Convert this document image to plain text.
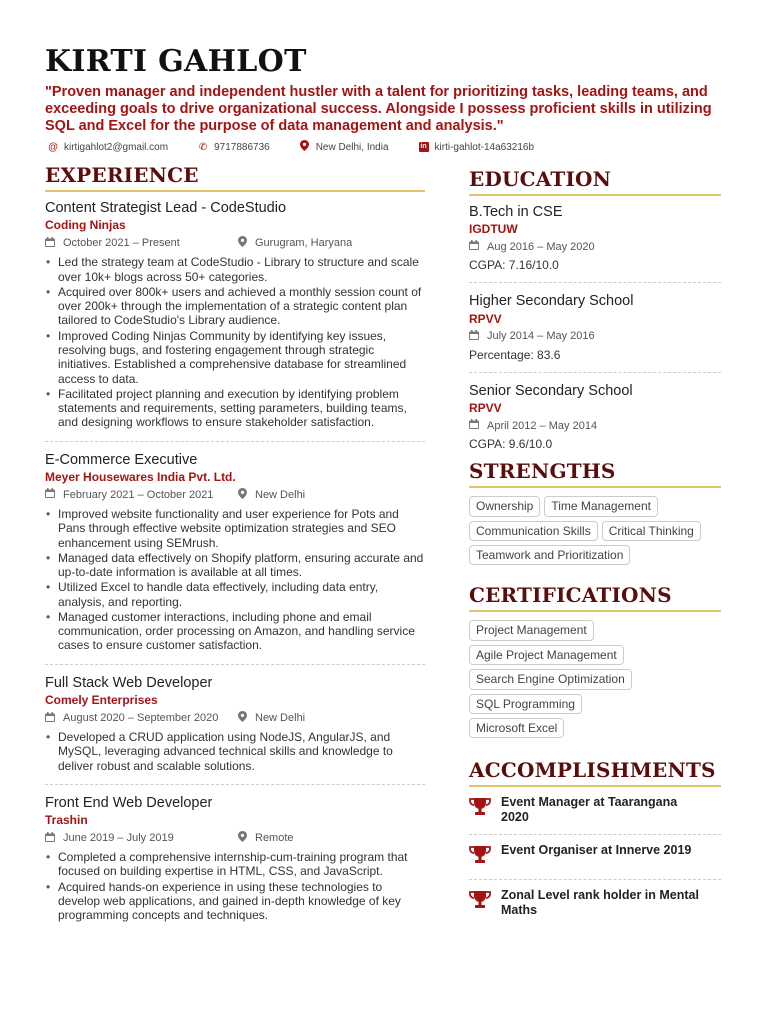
KIRTI GAHLOT
"Proven manager and independent hustler with a talent for prioritizing tasks, leading teams, and exceeding goals to drive organizational success. Alongside I possess proficient skills in utilizing SQL and Excel for the purpose of data management and analysis."
@ kirtigahlot2@gmail.com	✆ 9717886736	New Delhi, India	in kirti-gahlot-14a63216b
EXPERIENCE
Content Strategist Lead - CodeStudio
Coding Ninjas
October 2021 – Present	Gurugram, Haryana
• Led the strategy team at CodeStudio - Library to structure and scale over 10k+ blogs across 50+ categories.
• Acquired over 800k+ users and achieved a monthly session count of over 200k+ through the implementation of a strategic content plan tailored to CodeStudio's Library audience.
• Improved Coding Ninjas Community by identifying key issues, resolving bugs, and fostering engagement through strategic initiatives. Established a comprehensive database for streamlined access to data.
• Facilitated project planning and execution by identifying problem statements and requirements, setting parameters, building teams, and designing workflows to ensure stakeholder satisfaction.
E-Commerce Executive
Meyer Housewares India Pvt. Ltd.
February 2021 – October 2021	New Delhi
• Improved website functionality and user experience for Pots and Pans through effective website optimization strategies and SEO enhancement using SEMrush.
• Managed data effectively on Shopify platform, ensuring accurate and up-to-date information is available at all times.
• Utilized Excel to handle data effectively, including data entry, analysis, and reporting.
• Managed customer interactions, including phone and email communication, order processing on Amazon, and handling service cases to ensure customer satisfaction.
Full Stack Web Developer
Comely Enterprises
August 2020 – September 2020	New Delhi
• Developed a CRUD application using NodeJS, AngularJS, and MySQL, leveraging advanced technical skills and knowledge to deliver robust and scalable solutions.
Front End Web Developer
Trashin
June 2019 – July 2019	Remote
• Completed a comprehensive internship-cum-training program that focused on building expertise in HTML, CSS, and JavaScript.
• Acquired hands-on experience in using these technologies to develop web applications, and gained in-depth knowledge of key programming concepts and techniques.
EDUCATION
B.Tech in CSE
IGDTUW
Aug 2016 – May 2020
CGPA: 7.16/10.0
Higher Secondary School
RPVV
July 2014 – May 2016
Percentage: 83.6
Senior Secondary School
RPVV
April 2012 – May 2014
CGPA: 9.6/10.0
STRENGTHS
Ownership	Time Management
Communication Skills	Critical Thinking
Teamwork and Prioritization
CERTIFICATIONS
Project Management
Agile Project Management
Search Engine Optimization
SQL Programming
Microsoft Excel
ACCOMPLISHMENTS
Event Manager at Taarangana 2020
Event Organiser at Innerve 2019
Zonal Level rank holder in Mental Maths
